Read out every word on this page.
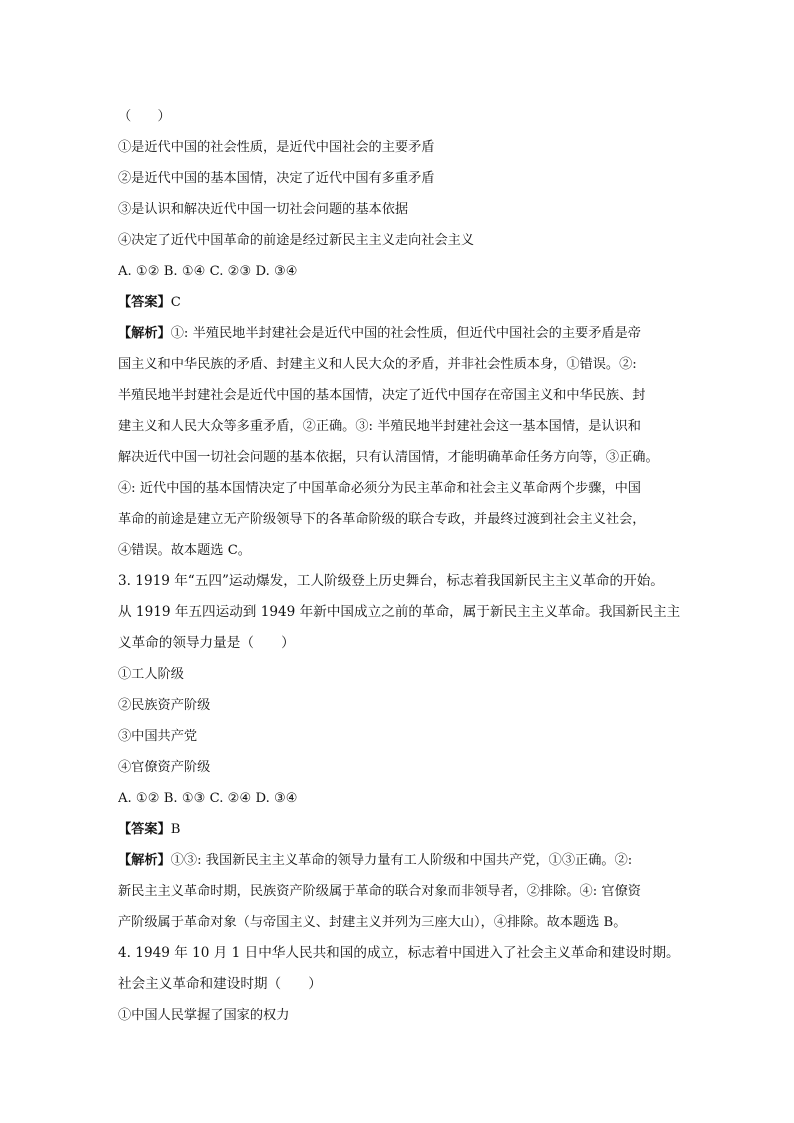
（　　）
①是近代中国的社会性质，是近代中国社会的主要矛盾
②是近代中国的基本国情，决定了近代中国有多重矛盾
③是认识和解决近代中国一切社会问题的基本依据
④决定了近代中国革命的前途是经过新民主主义走向社会主义
A. ①② B. ①④ C. ②③ D. ③④
【答案】C
【解析】①: 半殖民地半封建社会是近代中国的社会性质，但近代中国社会的主要矛盾是帝
国主义和中华民族的矛盾、封建主义和人民大众的矛盾，并非社会性质本身，①错误。②:
半殖民地半封建社会是近代中国的基本国情，决定了近代中国存在帝国主义和中华民族、封
建主义和人民大众等多重矛盾，②正确。③: 半殖民地半封建社会这一基本国情，是认识和
解决近代中国一切社会问题的基本依据，只有认清国情，才能明确革命任务方向等，③正确。
④: 近代中国的基本国情决定了中国革命必须分为民主革命和社会主义革命两个步骤，中国
革命的前途是建立无产阶级领导下的各革命阶级的联合专政，并最终过渡到社会主义社会，
④错误。故本题选 C。
3. 1919 年“五四”运动爆发，工人阶级登上历史舞台，标志着我国新民主主义革命的开始。
从 1919 年五四运动到 1949 年新中国成立之前的革命，属于新民主主义革命。我国新民主主
义革命的领导力量是（　　）
①工人阶级
②民族资产阶级
③中国共产党
④官僚资产阶级
A. ①② B. ①③ C. ②④ D. ③④
【答案】B
【解析】①③: 我国新民主主义革命的领导力量有工人阶级和中国共产党，①③正确。②:
新民主主义革命时期，民族资产阶级属于革命的联合对象而非领导者，②排除。④: 官僚资
产阶级属于革命对象（与帝国主义、封建主义并列为三座大山），④排除。故本题选 B。
4. 1949 年 10 月 1 日中华人民共和国的成立，标志着中国进入了社会主义革命和建设时期。
社会主义革命和建设时期（　　）
①中国人民掌握了国家的权力
